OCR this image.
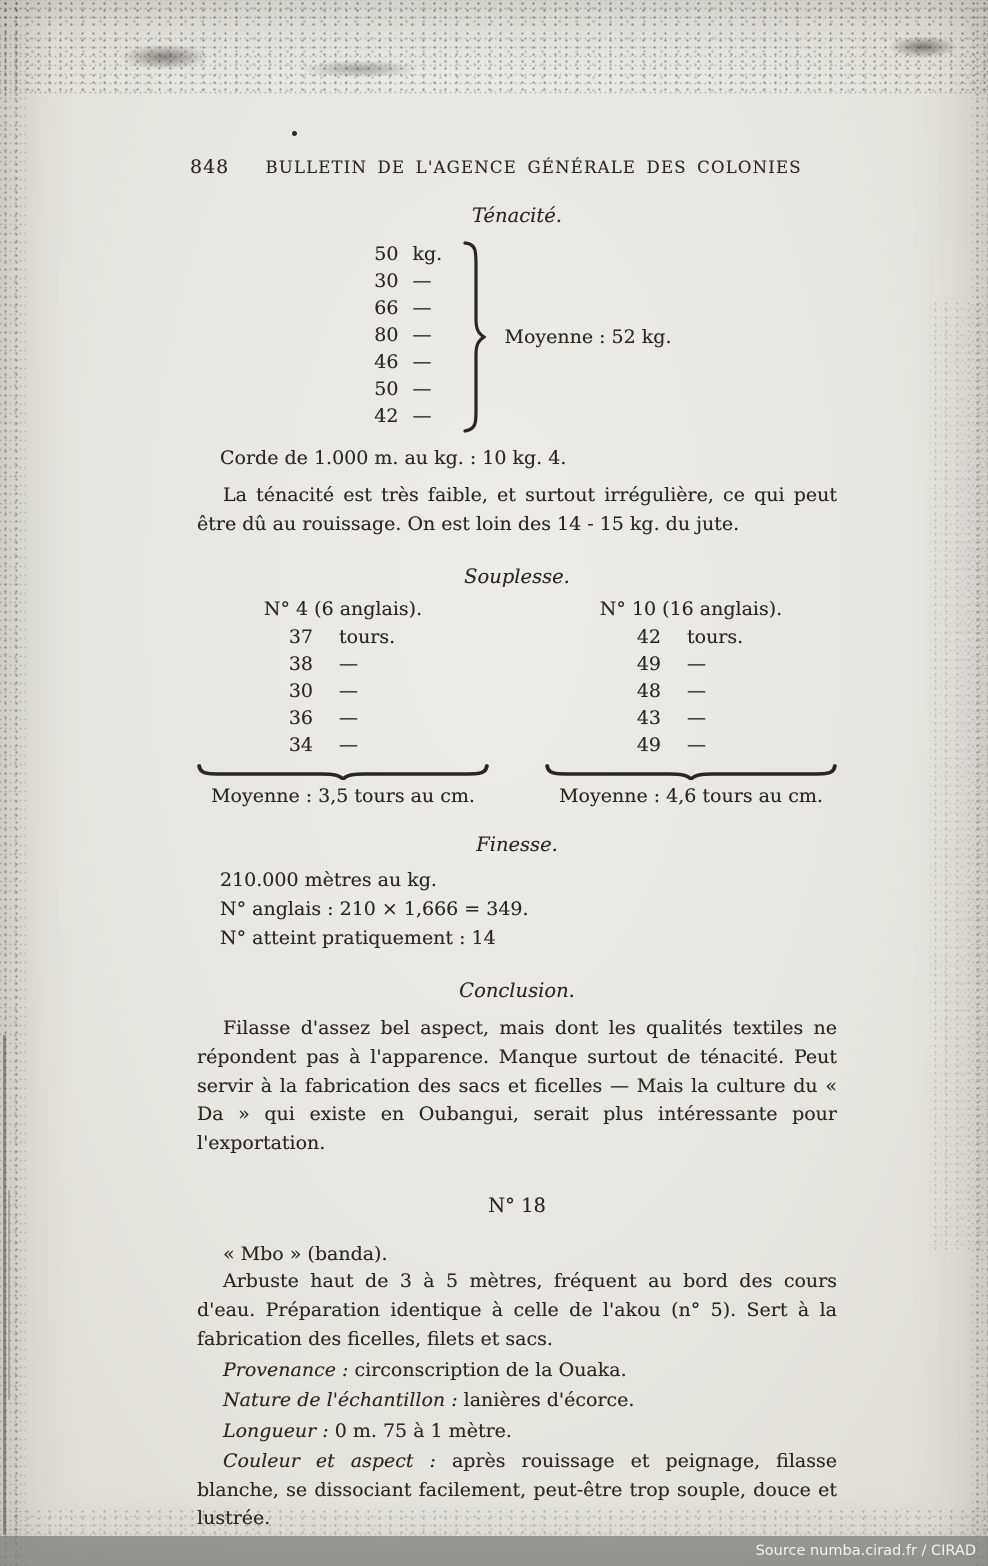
848	BULLETIN DE L'AGENCE GÉNÉRALE DES COLONIES
Ténacité.
50 kg.
30 —
66 —
80 —
46 —
50 —
42 —
Moyenne : 52 kg.
Corde de 1.000 m. au kg. : 10 kg. 4.
La ténacité est très faible, et surtout irrégulière, ce qui peut être dû au rouissage. On est loin des 14 - 15 kg. du jute.
Souplesse.
N° 4 (6 anglais).
37 tours.
38 —
30 —
36 —
34 —
Moyenne : 3,5 tours au cm.
N° 10 (16 anglais).
42 tours.
49 —
48 —
43 —
49 —
Moyenne : 4,6 tours au cm.
Finesse.
210.000 mètres au kg.
N° anglais : 210 × 1,666 = 349.
N° atteint pratiquement : 14
Conclusion.
Filasse d'assez bel aspect, mais dont les qualités textiles ne répondent pas à l'apparence. Manque surtout de ténacité. Peut servir à la fabrication des sacs et ficelles — Mais la culture du « Da » qui existe en Oubangui, serait plus intéressante pour l'exportation.
N° 18
« Mbo » (banda).
Arbuste haut de 3 à 5 mètres, fréquent au bord des cours d'eau. Préparation identique à celle de l'akou (n° 5). Sert à la fabrication des ficelles, filets et sacs.

Provenance : circonscription de la Ouaka.

Nature de l'échantillon : lanières d'écorce.

Longueur : 0 m. 75 à 1 mètre.

Couleur et aspect : après rouissage et peignage, filasse blanche, se dissociant facilement, peut-être trop souple, douce et lustrée.

Source numba.cirad.fr / CIRAD
